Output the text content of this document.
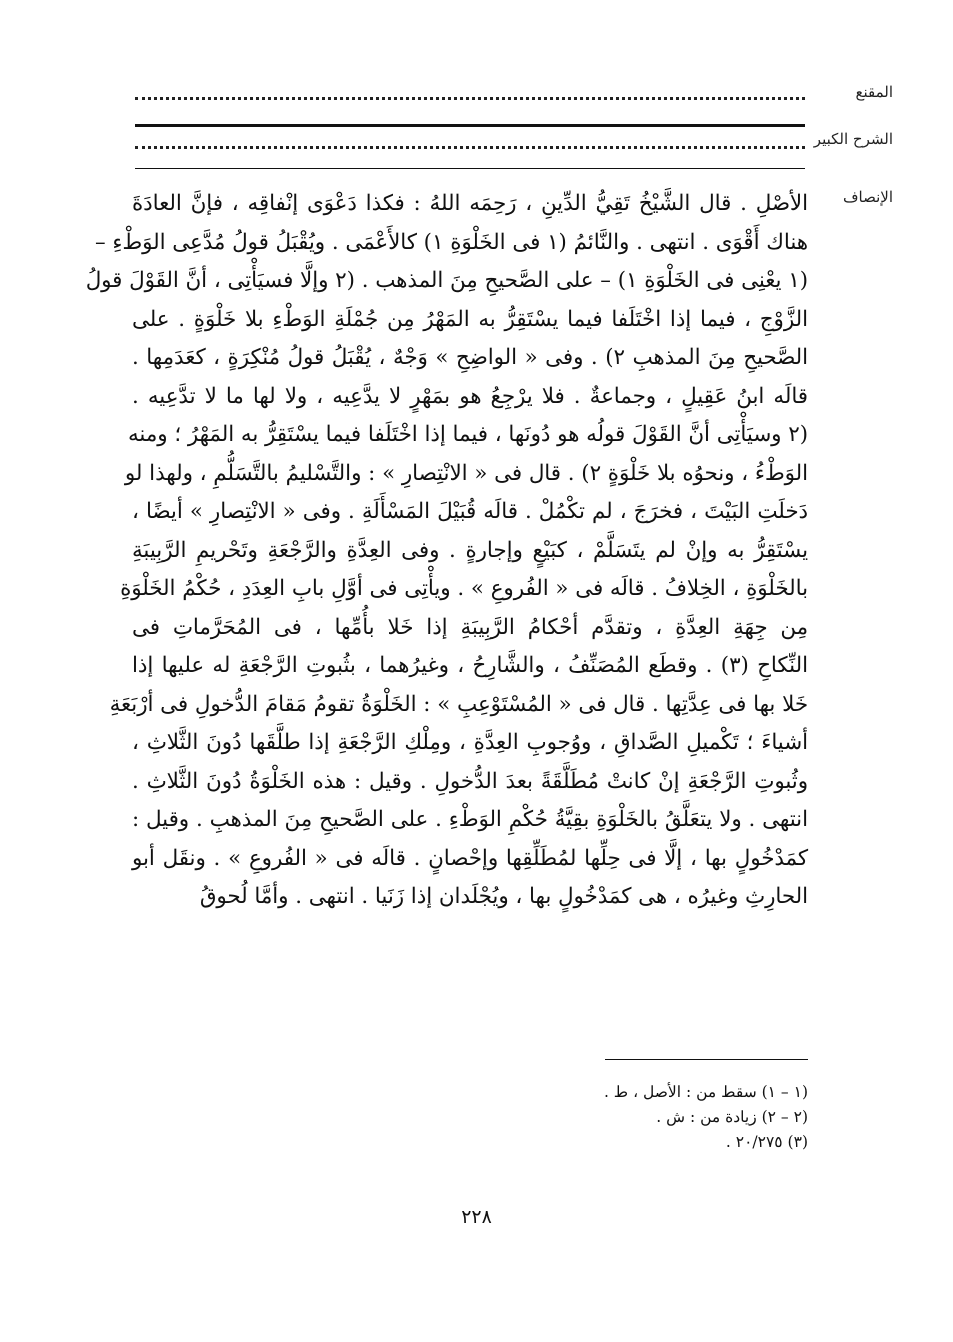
المقنع
الشرح الكبير
الإنصاف
الأصْلِ . قال الشَّيْخُ تَقِيُّ الدِّينِ ، رَحِمَه اللهُ : فكذا دَعْوَى إنْفاقِه ، فإنَّ العادَةَ
هناك أَقْوَى . انتهى . والنَّائمُ (١ فى الخَلْوَةِ ١) كالأَعْمَى . ويُقْبَلُ قولُ مُدَّعِى الوَطْءِ –
(١ يعْنِى فى الخَلْوَةِ ١) – على الصَّحيحِ مِنَ المذهب . (٢ وإلَّا فسيَأْتِى ، أنَّ القَوْلَ قولُ
الزَّوْجِ ، فيما إذا اخْتَلَفا فيما يسْتَقِرُّ به المَهْرُ مِن جُمْلَةِ الوَطْءِ بلا خَلْوَةٍ . على
الصَّحيحِ مِنَ المذهبِ ٢) . وفى « الواضِحِ » وَجْهٌ ، يُقْبَلُ قولُ مُنْكِرَةٍ ، كعَدَمِها .
قالَه ابنُ عَقِيلٍ ، وجماعةٌ . فلا يرْجِعُ هو بمَهْرٍ لا يدَّعِيه ، ولا لها ما لا تدَّعِيه .
(٢ وسيَأْتِى أنَّ القَوْلَ قولُه هو دُونَها ، فيما إذا اخْتَلَفا فيما يسْتَقِرُّ به المَهْرُ ؛ ومنه
الوَطْءُ ، ونحوُه بلا خَلْوَةٍ ٢) . قال فى « الانْتِصارِ » : والتَّسْليمُ بالتَّسَلُّمِ ، ولهذا لو
دَخلَتِ البَيْتَ ، فخرَجَ ، لم تكْمُلْ . قالَه قُبَيْلَ المَسْأَلَةِ . وفى « الانْتِصارِ » أيضًا ،
يسْتَقِرُّ به وإنْ لم يتَسَلَّمْ ، كبَيْعٍ وإجارةٍ . وفى العِدَّةِ والرَّجْعَةِ وتَحْريمِ الرَّبِيبَةِ
بالخَلْوَةِ ، الخِلافُ . قالَه فى « الفُروعِ » . ويأْتِى فى أوَّلِ بابِ العِدَدِ ، حُكْمُ الخَلْوَةِ
مِن جِهَةِ العِدَّةِ ، وتقدَّم أحْكامُ الرَّبِيبَةِ إذا خَلا بأُمِّها ، فى المُحَرَّماتِ فى
النِّكاحِ (٣) . وقطَع المُصَنِّفُ ، والشَّارِحُ ، وغيرُهما ، بثُبوتِ الرَّجْعَةِ له عليها إذا
خَلا بها فى عِدَّتِها . قال فى « المُسْتَوْعِبِ » : الخَلْوَةُ تقومُ مَقامَ الدُّخولِ فى أرْبَعَةِ
أشياءَ ؛ تَكْميلِ الصَّداقِ ، ووُجوبِ العِدَّةِ ، ومِلْكِ الرَّجْعَةِ إذا طلَّقَها دُونَ الثَّلاثِ ،
وثُبوتِ الرَّجْعَةِ إنْ كانتْ مُطَلَّقَةً بعدَ الدُّخولِ . وقيل : هذه الخَلْوَةُ دُونَ الثَّلاثِ .
انتهى . ولا يتعَلَّقُ بالخَلْوَةِ بقِيَّةُ حُكْمِ الوَطْءِ . على الصَّحيحِ مِنَ المذهبِ . وقيل :
كمَدْخُولٍ بها ، إلَّا فى حِلِّها لمُطَلِّقِها وإحْصانٍ . قالَه فى « الفُروعِ » . ونقَل أبو
الحارِثِ وغيرُه ، هى كمَدْخُولٍ بها ، ويُجْلَدان إذا زَنَيا . انتهى . وأمَّا لُحوقُ
(١ – ١) سقط من : الأصل ، ط .
(٢ – ٢) زيادة من : ش .
(٣) ٢٠/٢٧٥ .
٢٢٨
